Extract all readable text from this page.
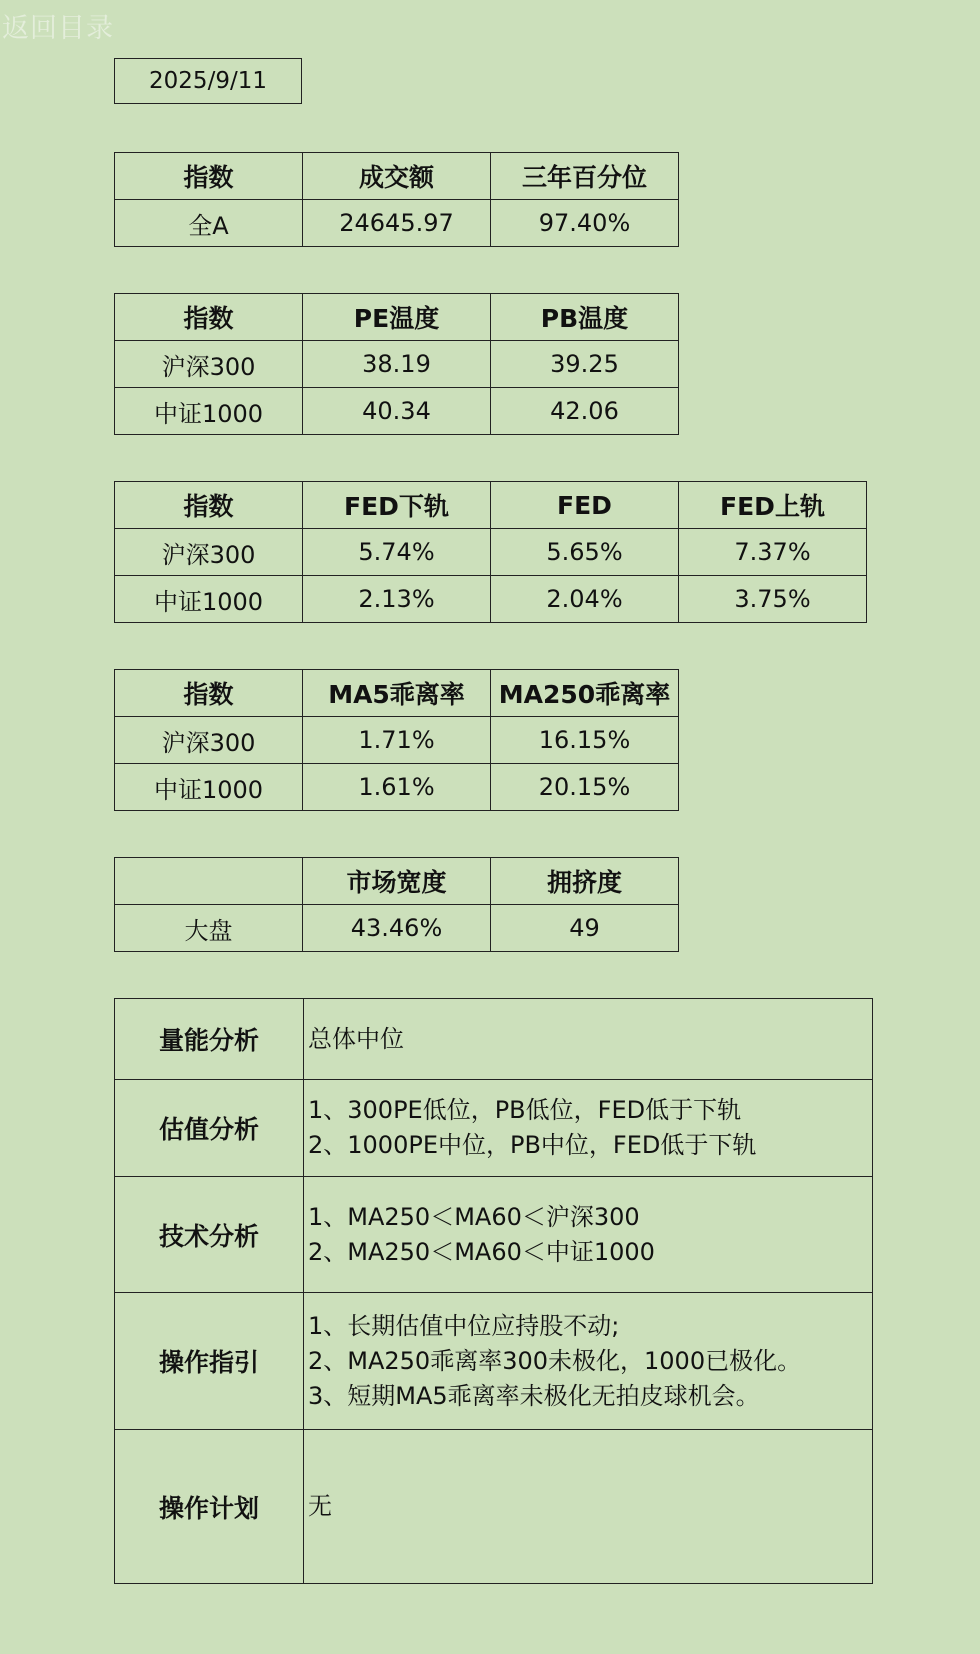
返回目录
2025/9/11
指数	成交额	三年百分位
全A	24645.97	97.40%
指数	PE温度	PB温度
沪深300	38.19	39.25
中证1000	40.34	42.06
指数	FED下轨	FED	FED上轨
沪深300	5.74%	5.65%	7.37%
中证1000	2.13%	2.04%	3.75%
指数	MA5乖离率	MA250乖离率
沪深300	1.71%	16.15%
中证1000	1.61%	20.15%
	市场宽度	拥挤度
大盘	43.46%	49
量能分析	总体中位

估值分析	1、300PE低位，PB低位，FED低于下轨
2、1000PE中位，PB中位，FED低于下轨

技术分析	1、MA250＜MA60＜沪深300
2、MA250＜MA60＜中证1000

操作指引	1、长期估值中位应持股不动;
2、MA250乖离率300未极化，1000已极化。
3、短期MA5乖离率未极化无拍皮球机会。

操作计划	无
